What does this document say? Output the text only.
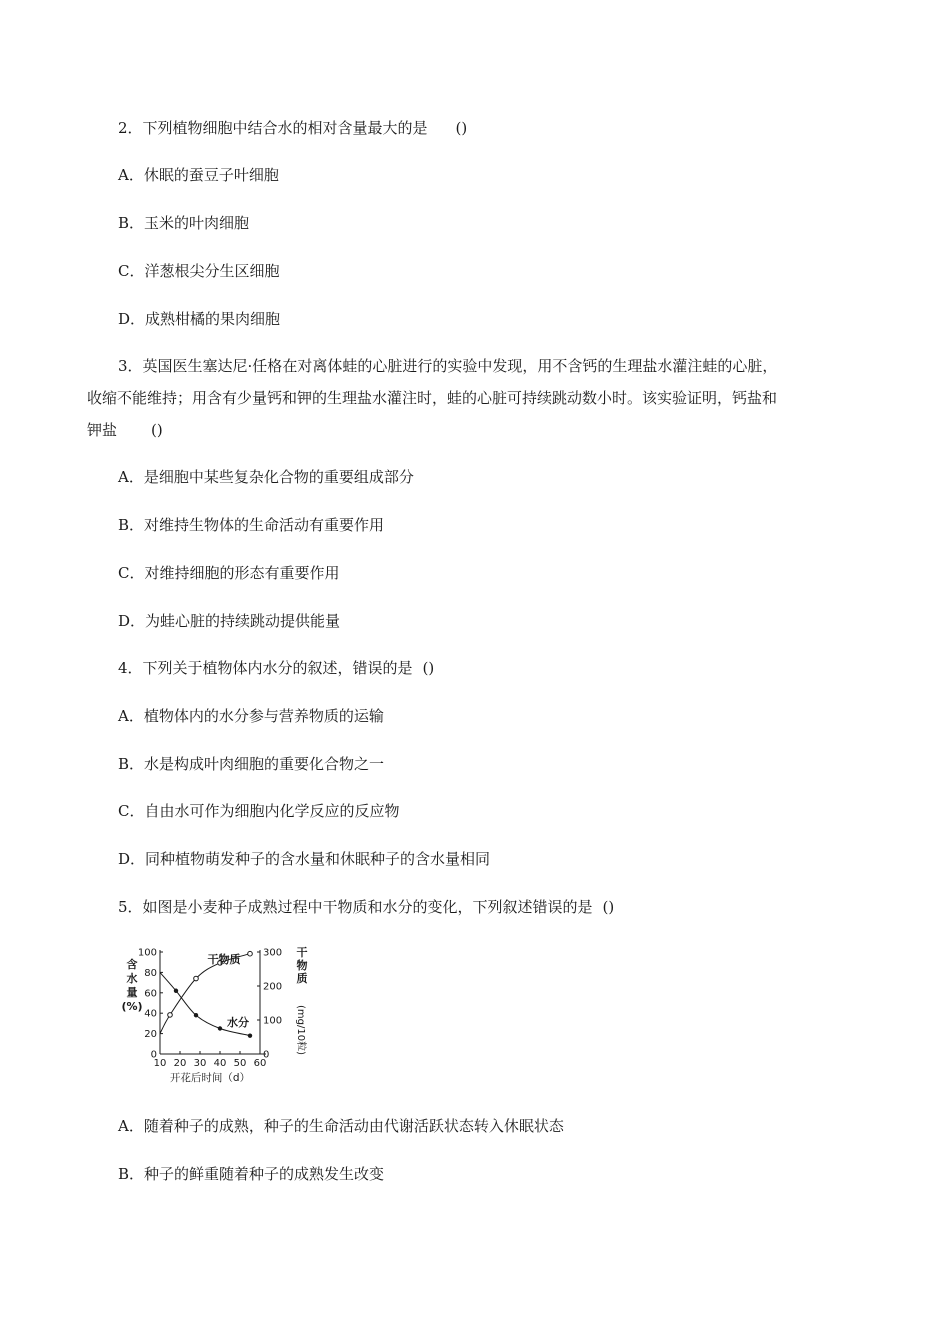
2．下列植物细胞中结合水的相对含量最大的是 ()
A．休眠的蚕豆子叶细胞
B．玉米的叶肉细胞
C．洋葱根尖分生区细胞
D．成熟柑橘的果肉细胞
3．英国医生塞达尼·任格在对离体蛙的心脏进行的实验中发现，用不含钙的生理盐水灌注蛙的心脏，
收缩不能维持；用含有少量钙和钾的生理盐水灌注时，蛙的心脏可持续跳动数小时。该实验证明，钙盐和
钾盐 ()
A．是细胞中某些复杂化合物的重要组成部分
B．对维持生物体的生命活动有重要作用
C．对维持细胞的形态有重要作用
D．为蛙心脏的持续跳动提供能量
4．下列关于植物体内水分的叙述，错误的是 ()
A．植物体内的水分参与营养物质的运输
B．水是构成叶肉细胞的重要化合物之一
C．自由水可作为细胞内化学反应的反应物
D．同种植物萌发种子的含水量和休眠种子的含水量相同
5．如图是小麦种子成熟过程中干物质和水分的变化，下列叙述错误的是 ()
10 20 30 40 50 60
0
20
40
60
80
100
0
100
200
300
开花后时间（d）
含
水
量
(%)
干
物
质
(mg/10粒)
干物质
水分
A．随着种子的成熟，种子的生命活动由代谢活跃状态转入休眠状态
B．种子的鲜重随着种子的成熟发生改变
